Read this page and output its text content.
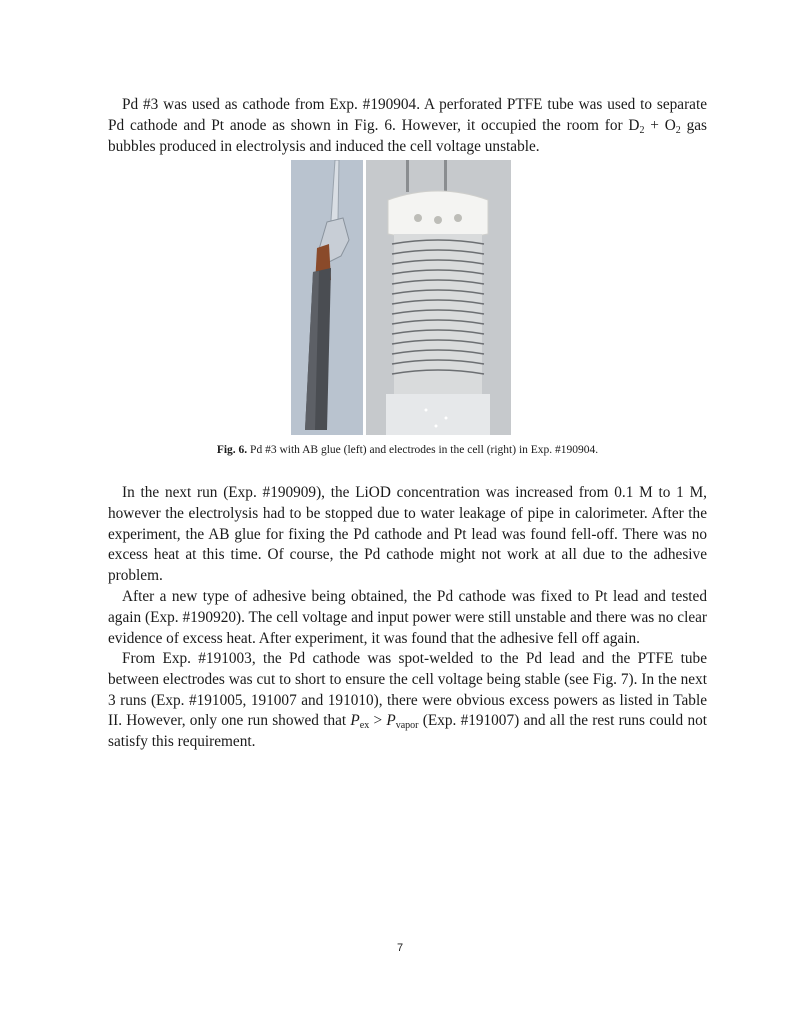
Pd #3 was used as cathode from Exp. #190904. A perforated PTFE tube was used to separate Pd cathode and Pt anode as shown in Fig. 6. However, it occupied the room for $D_2 + O_2$ gas bubbles produced in electrolysis and induced the cell voltage unstable.

Fig. 6. Pd #3 with AB glue (left) and electrodes in the cell (right) in Exp. #190904.

In the next run (Exp. #190909), the LiOD concentration was increased from 0.1 M to 1 M, however the electrolysis had to be stopped due to water leakage of pipe in calorimeter. After the experiment, the AB glue for fixing the Pd cathode and Pt lead was found fell-off. There was no excess heat at this time. Of course, the Pd cathode might not work at all due to the adhesive problem.

After a new type of adhesive being obtained, the Pd cathode was fixed to Pt lead and tested again (Exp. #190920). The cell voltage and input power were still unstable and there was no clear evidence of excess heat. After experiment, it was found that the adhesive fell off again.

From Exp. #191003, the Pd cathode was spot-welded to the Pd lead and the PTFE tube between electrodes was cut to short to ensure the cell voltage being stable (see Fig. 7). In the next 3 runs (Exp. #191005, 191007 and 191010), there were obvious excess powers as listed in Table II. However, only one run showed that $P_{ex} > P_{vapor}$ (Exp. #191007) and all the rest runs could not satisfy this requirement.

7
